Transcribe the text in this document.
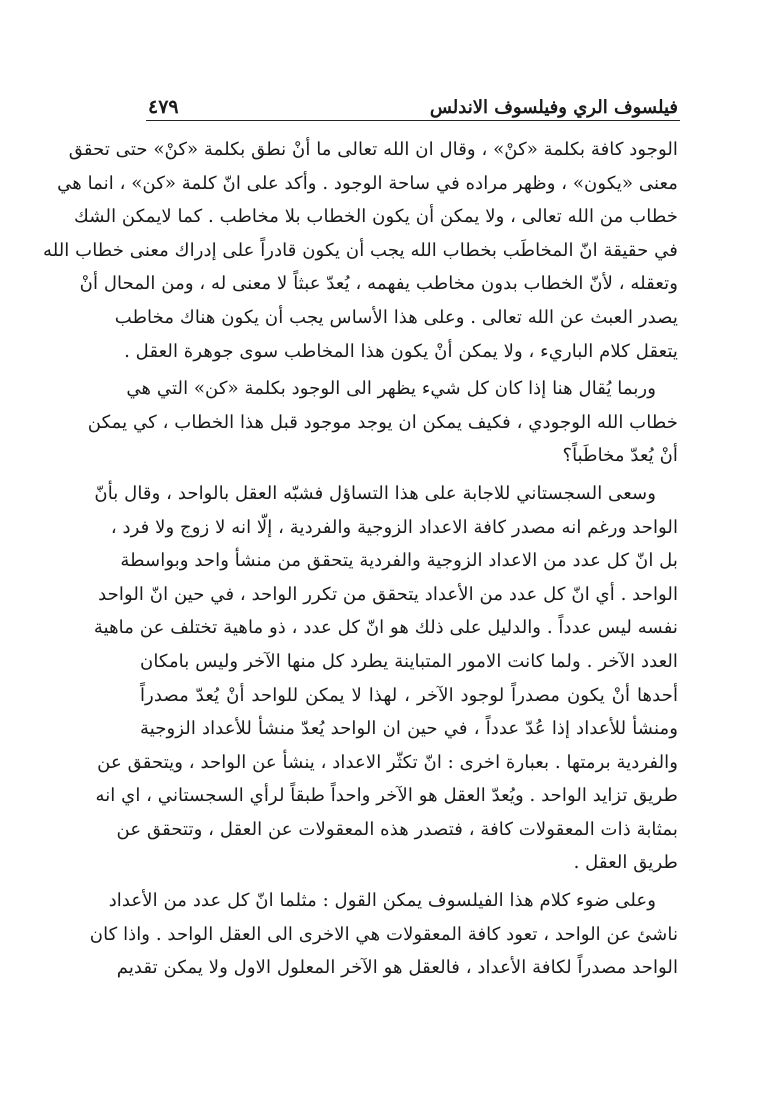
فيلسوف الري وفيلسوف الاندلس
٤٧٩
الوجود كافة بكلمة «كنْ» ، وقال ان الله تعالى ما أنْ نطق بكلمة «كنْ» حتى تحقق
معنى «يكون» ، وظهر مراده في ساحة الوجود . وأكد على انّ كلمة «كن» ، انما هي
خطاب من الله تعالى ، ولا يمكن أن يكون الخطاب بلا مخاطب . كما لايمكن الشك
في حقيقة انّ المخاطَب بخطاب الله يجب أن يكون قادراً على إدراك معنى خطاب الله
وتعقله ، لأنّ الخطاب بدون مخاطب يفهمه ، يُعدّ عبثاً لا معنى له ، ومن المحال أنْ
يصدر العبث عن الله تعالى . وعلى هذا الأساس يجب أن يكون هناك مخاطب
يتعقل كلام الباريء ، ولا يمكن أنْ يكون هذا المخاطب سوى جوهرة العقل .
وربما يُقال هنا إذا كان كل شيء يظهر الى الوجود بكلمة «كن» التي هي
خطاب الله الوجودي ، فكيف يمكن ان يوجد موجود قبل هذا الخطاب ، كي يمكن
أنْ يُعدّ مخاطَباً؟
وسعى السجستاني للاجابة على هذا التساؤل فشبّه العقل بالواحد ، وقال بأنّ
الواحد ورغم انه مصدر كافة الاعداد الزوجية والفردية ، إلّا انه لا زوج ولا فرد ،
بل انّ كل عدد من الاعداد الزوجية والفردية يتحقق من منشأ واحد وبواسطة
الواحد . أي انّ كل عدد من الأعداد يتحقق من تكرر الواحد ، في حين انّ الواحد
نفسه ليس عدداً . والدليل على ذلك هو انّ كل عدد ، ذو ماهية تختلف عن ماهية
العدد الآخر . ولما كانت الامور المتباينة يطرد كل منها الآخر وليس بامكان
أحدها أنْ يكون مصدراً لوجود الآخر ، لهذا لا يمكن للواحد أنْ يُعدّ مصدراً
ومنشأ للأعداد إذا عُدّ عدداً ، في حين ان الواحد يُعدّ منشأ للأعداد الزوجية
والفردية برمتها . بعبارة اخرى : انّ تكثّر الاعداد ، ينشأ عن الواحد ، ويتحقق عن
طريق تزايد الواحد . ويُعدّ العقل هو الآخر واحداً طبقاً لرأي السجستاني ، اي انه
بمثابة ذات المعقولات كافة ، فتصدر هذه المعقولات عن العقل ، وتتحقق عن
طريق العقل .
وعلى ضوء كلام هذا الفيلسوف يمكن القول : مثلما انّ كل عدد من الأعداد
ناشئ عن الواحد ، تعود كافة المعقولات هي الاخرى الى العقل الواحد . واذا كان
الواحد مصدراً لكافة الأعداد ، فالعقل هو الآخر المعلول الاول ولا يمكن تقديم
